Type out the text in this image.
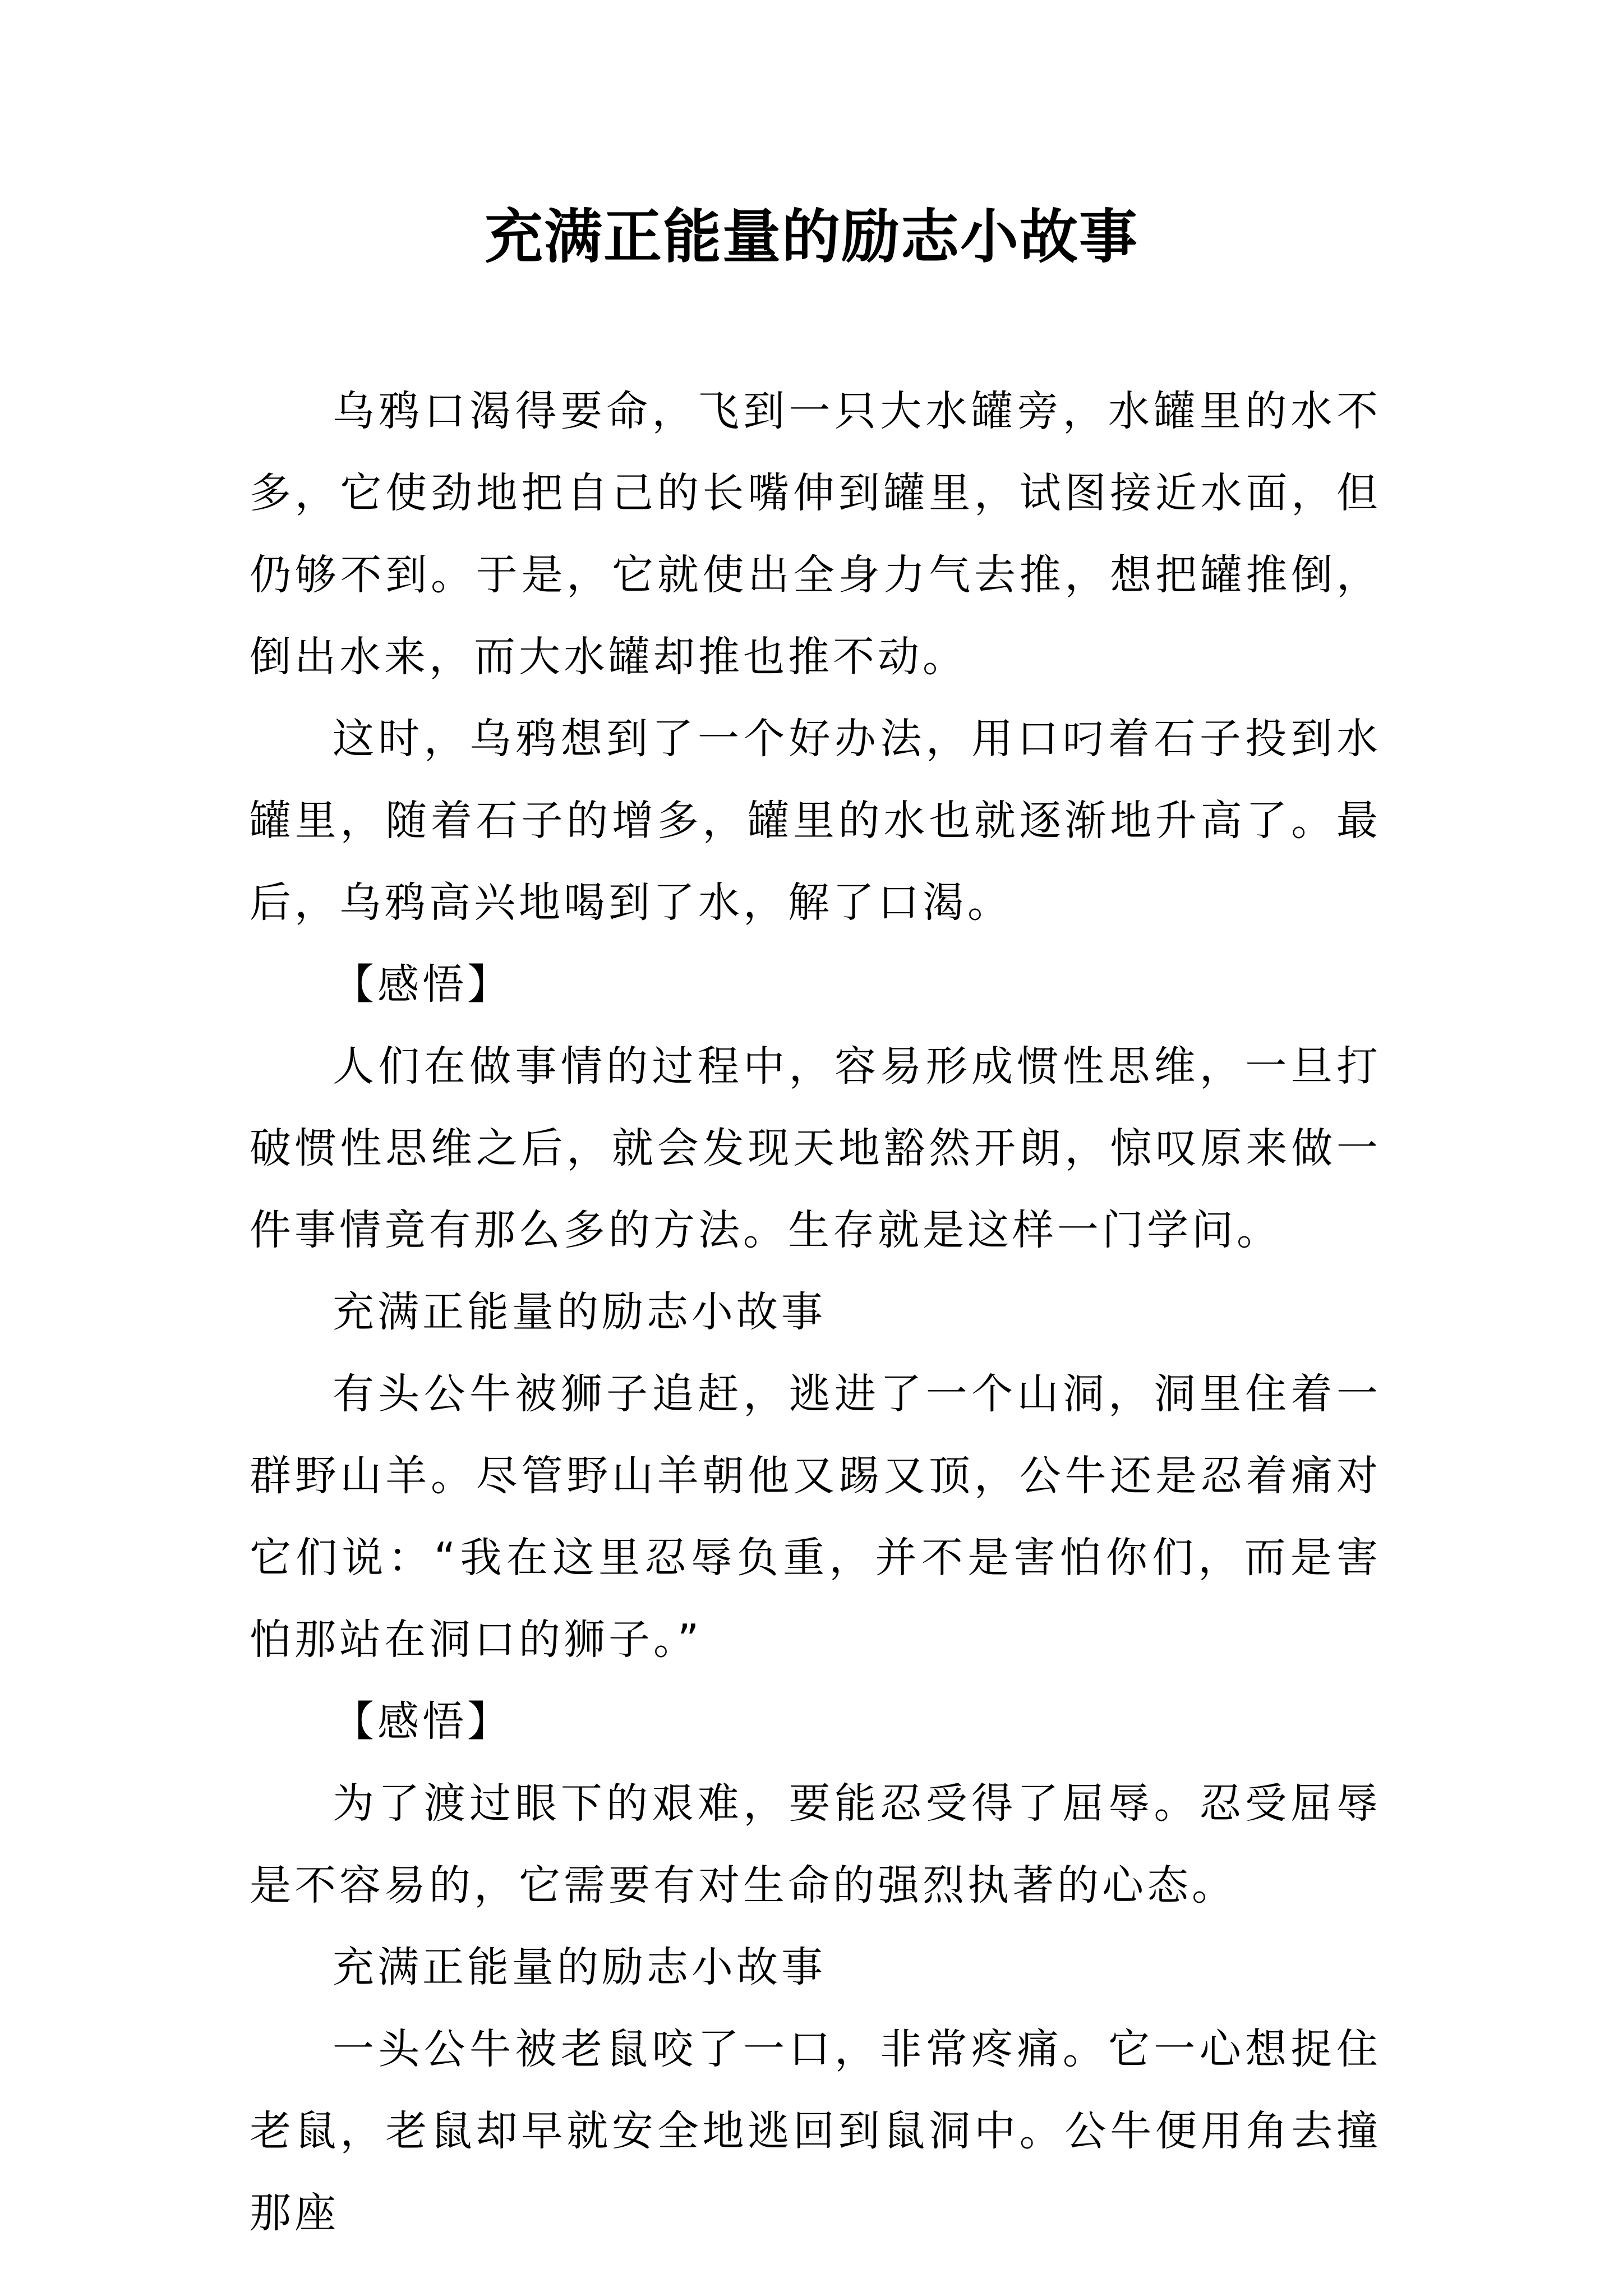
充满正能量的励志小故事

乌鸦口渴得要命，飞到一只大水罐旁，水罐里的水不多，它使劲地把自己的长嘴伸到罐里，试图接近水面，但仍够不到。于是，它就使出全身力气去推，想把罐推倒，倒出水来，而大水罐却推也推不动。

这时，乌鸦想到了一个好办法，用口叼着石子投到水罐里，随着石子的增多，罐里的水也就逐渐地升高了。最后，乌鸦高兴地喝到了水，解了口渴。

【感悟】

人们在做事情的过程中，容易形成惯性思维，一旦打破惯性思维之后，就会发现天地豁然开朗，惊叹原来做一件事情竟有那么多的方法。生存就是这样一门学问。

充满正能量的励志小故事

有头公牛被狮子追赶，逃进了一个山洞，洞里住着一群野山羊。尽管野山羊朝他又踢又顶，公牛还是忍着痛对它们说：“我在这里忍辱负重，并不是害怕你们，而是害怕那站在洞口的狮子。”

【感悟】

为了渡过眼下的艰难，要能忍受得了屈辱。忍受屈辱是不容易的，它需要有对生命的强烈执著的心态。

充满正能量的励志小故事

一头公牛被老鼠咬了一口，非常疼痛。它一心想捉住老鼠，老鼠却早就安全地逃回到鼠洞中。公牛便用角去撞那座
